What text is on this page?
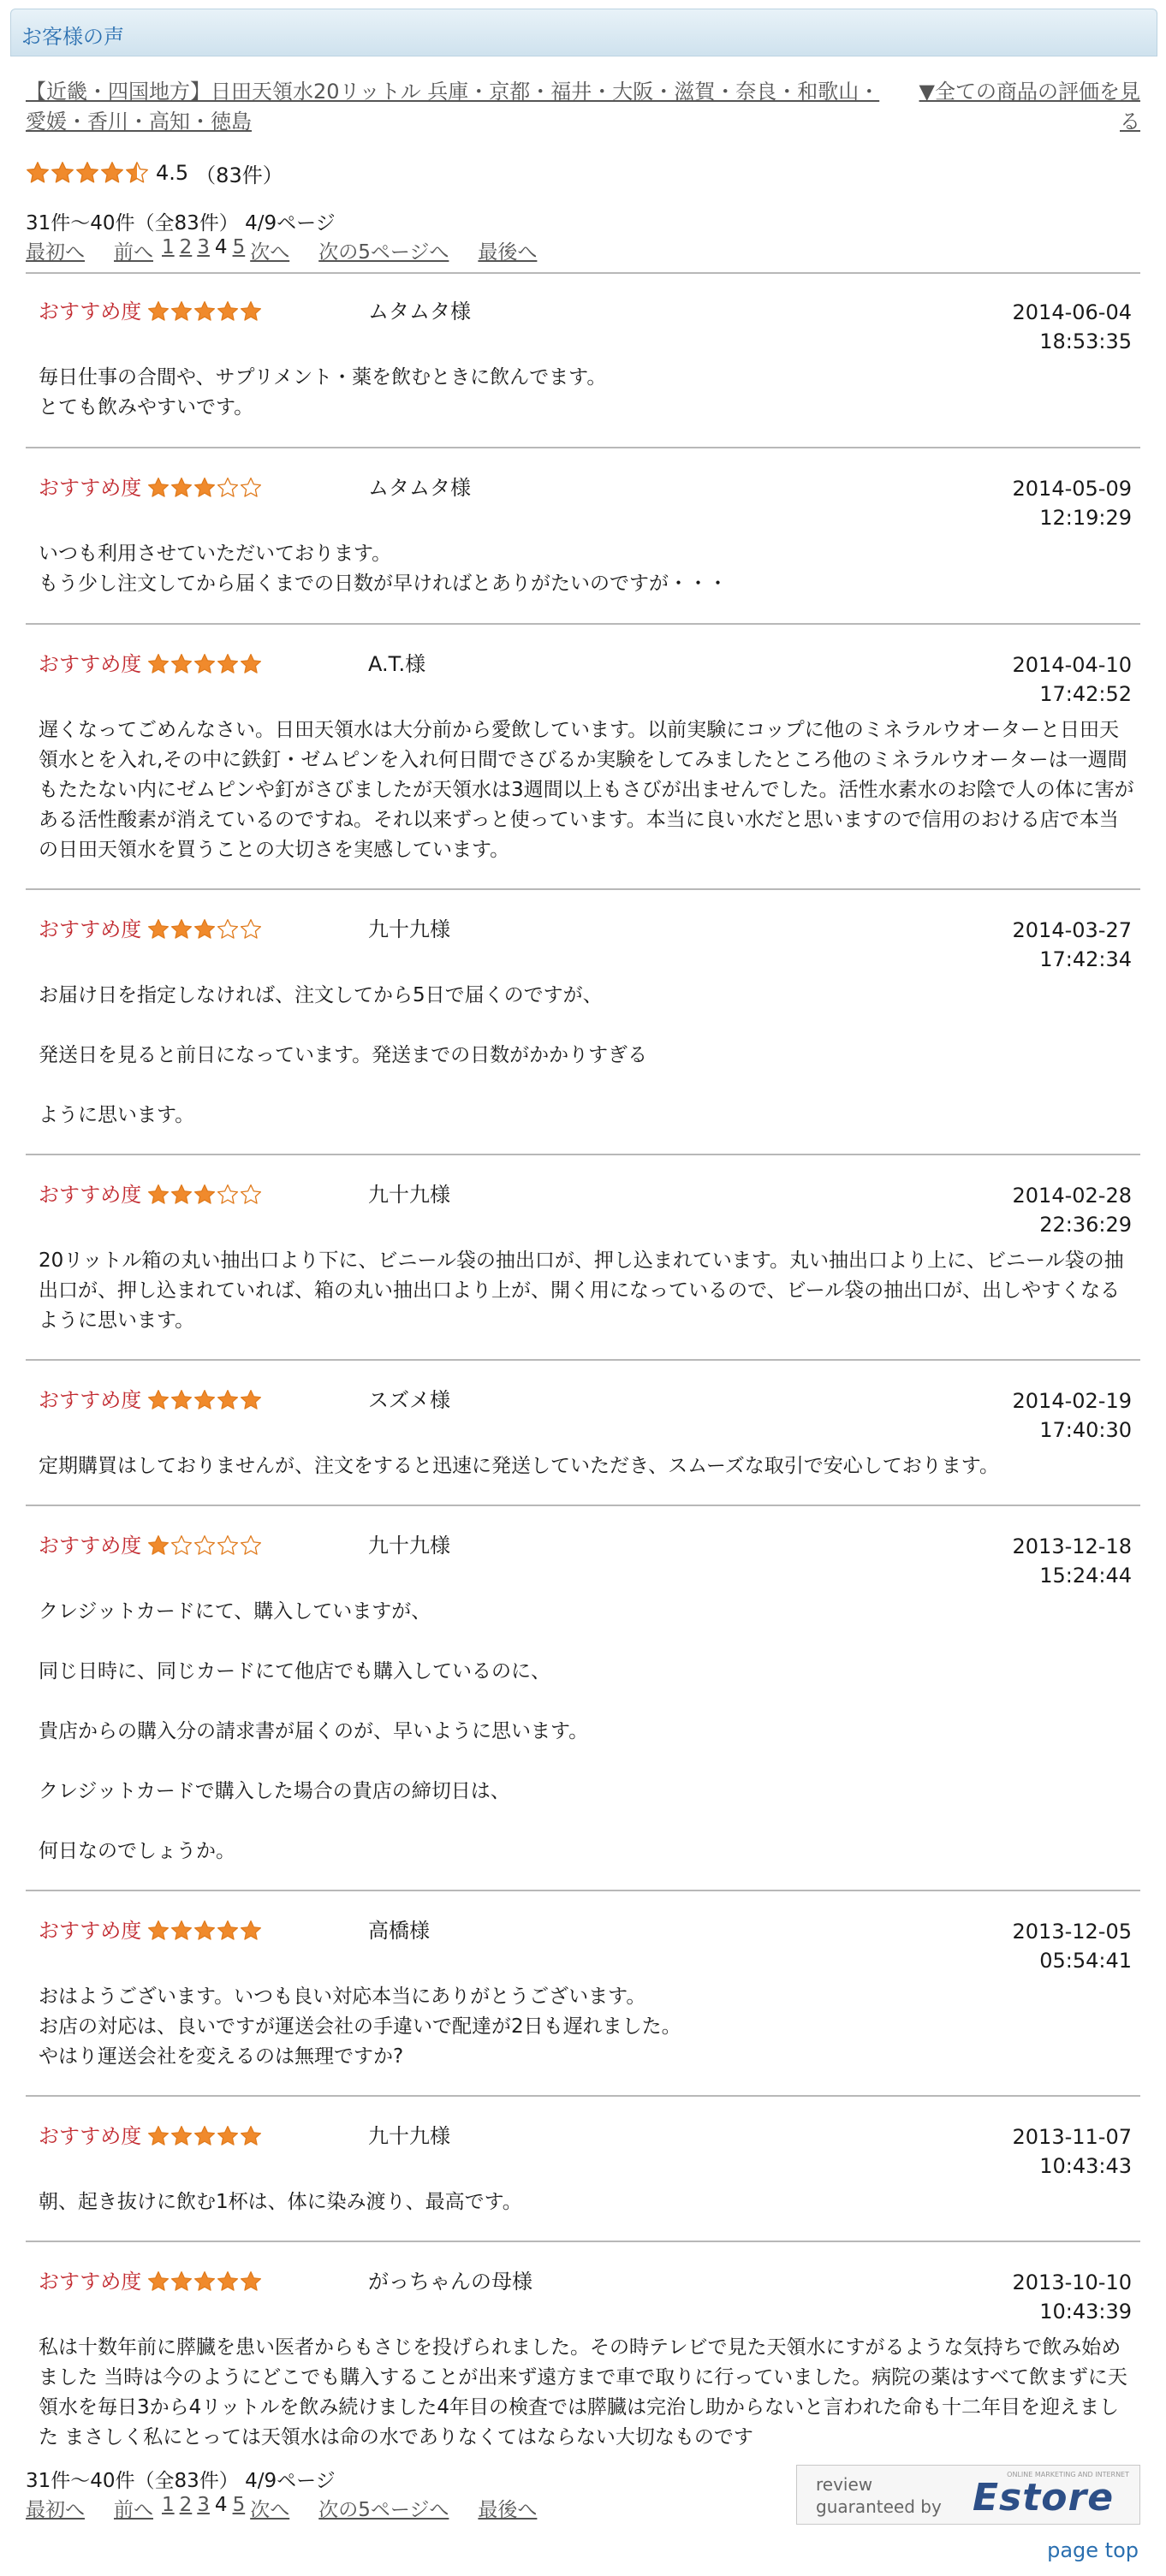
お客様の声
【近畿・四国地方】日田天領水20リットル 兵庫・京都・福井・大阪・滋賀・奈良・和歌山・愛媛・香川・高知・徳島
▼全ての商品の評価を見る
4.5 （83件）
31件～40件（全83件） 4/9ページ
最初へ 前へ 1 2 3 4 5 次へ 次の5ページへ 最後へ
おすすめ度	ムタムタ様	2014-06-04
18:53:35

毎日仕事の合間や、サプリメント・薬を飲むときに飲んでます。

とても飲みやすいです。

おすすめ度	ムタムタ様	2014-05-09
12:19:29

いつも利用させていただいております。

もう少し注文してから届くまでの日数が早ければとありがたいのですが・・・

おすすめ度	A.T.様	2014-04-10
17:42:52

遅くなってごめんなさい。日田天領水は大分前から愛飲しています。以前実験にコップに他のミネラルウオーターと日田天領水とを入れ,その中に鉄釘・ゼムピンを入れ何日間でさびるか実験をしてみましたところ他のミネラルウオーターは一週間もたたない内にゼムピンや釘がさびましたが天領水は3週間以上もさびが出ませんでした。活性水素水のお陰で人の体に害がある活性酸素が消えているのですね。それ以来ずっと使っています。本当に良い水だと思いますので信用のおける店で本当の日田天領水を買うことの大切さを実感しています。

おすすめ度	九十九様	2014-03-27
17:42:34

お届け日を指定しなければ、注文してから5日で届くのですが、

発送日を見ると前日になっています。発送までの日数がかかりすぎる

ように思います。

おすすめ度	九十九様	2014-02-28
22:36:29

20リットル箱の丸い抽出口より下に、ビニール袋の抽出口が、押し込まれています。丸い抽出口より上に、ビニール袋の抽出口が、押し込まれていれば、箱の丸い抽出口より上が、開く用になっているので、ビール袋の抽出口が、出しやすくなるように思います。

おすすめ度	スズメ様	2014-02-19
17:40:30

定期購買はしておりませんが、注文をすると迅速に発送していただき、スムーズな取引で安心しております。

おすすめ度	九十九様	2013-12-18
15:24:44

クレジットカードにて、購入していますが、

同じ日時に、同じカードにて他店でも購入しているのに、

貴店からの購入分の請求書が届くのが、早いように思います。

クレジットカードで購入した場合の貴店の締切日は、

何日なのでしょうか。

おすすめ度	高橋様	2013-12-05
05:54:41

おはようございます。いつも良い対応本当にありがとうございます。

お店の対応は、良いですが運送会社の手違いで配達が2日も遅れました。

やはり運送会社を変えるのは無理ですか?

おすすめ度	九十九様	2013-11-07
10:43:43

朝、起き抜けに飲む1杯は、体に染み渡り、最高です。

おすすめ度	がっちゃんの母様	2013-10-10
10:43:39

私は十数年前に膵臓を患い医者からもさじを投げられました。その時テレビで見た天領水にすがるような気持ちで飲み始めました 当時は今のようにどこでも購入することが出来ず遠方まで車で取りに行っていました。病院の薬はすべて飲まずに天領水を毎日3から4リットルを飲み続けました4年目の検査では膵臓は完治し助からないと言われた命も十二年目を迎えました まさしく私にとっては天領水は命の水でありなくてはならない大切なものです

31件～40件（全83件） 4/9ページ
最初へ 前へ 1 2 3 4 5 次へ 次の5ページへ 最後へ
review
guaranteed by Estore
ONLINE MARKETING AND INTERNET
page top
